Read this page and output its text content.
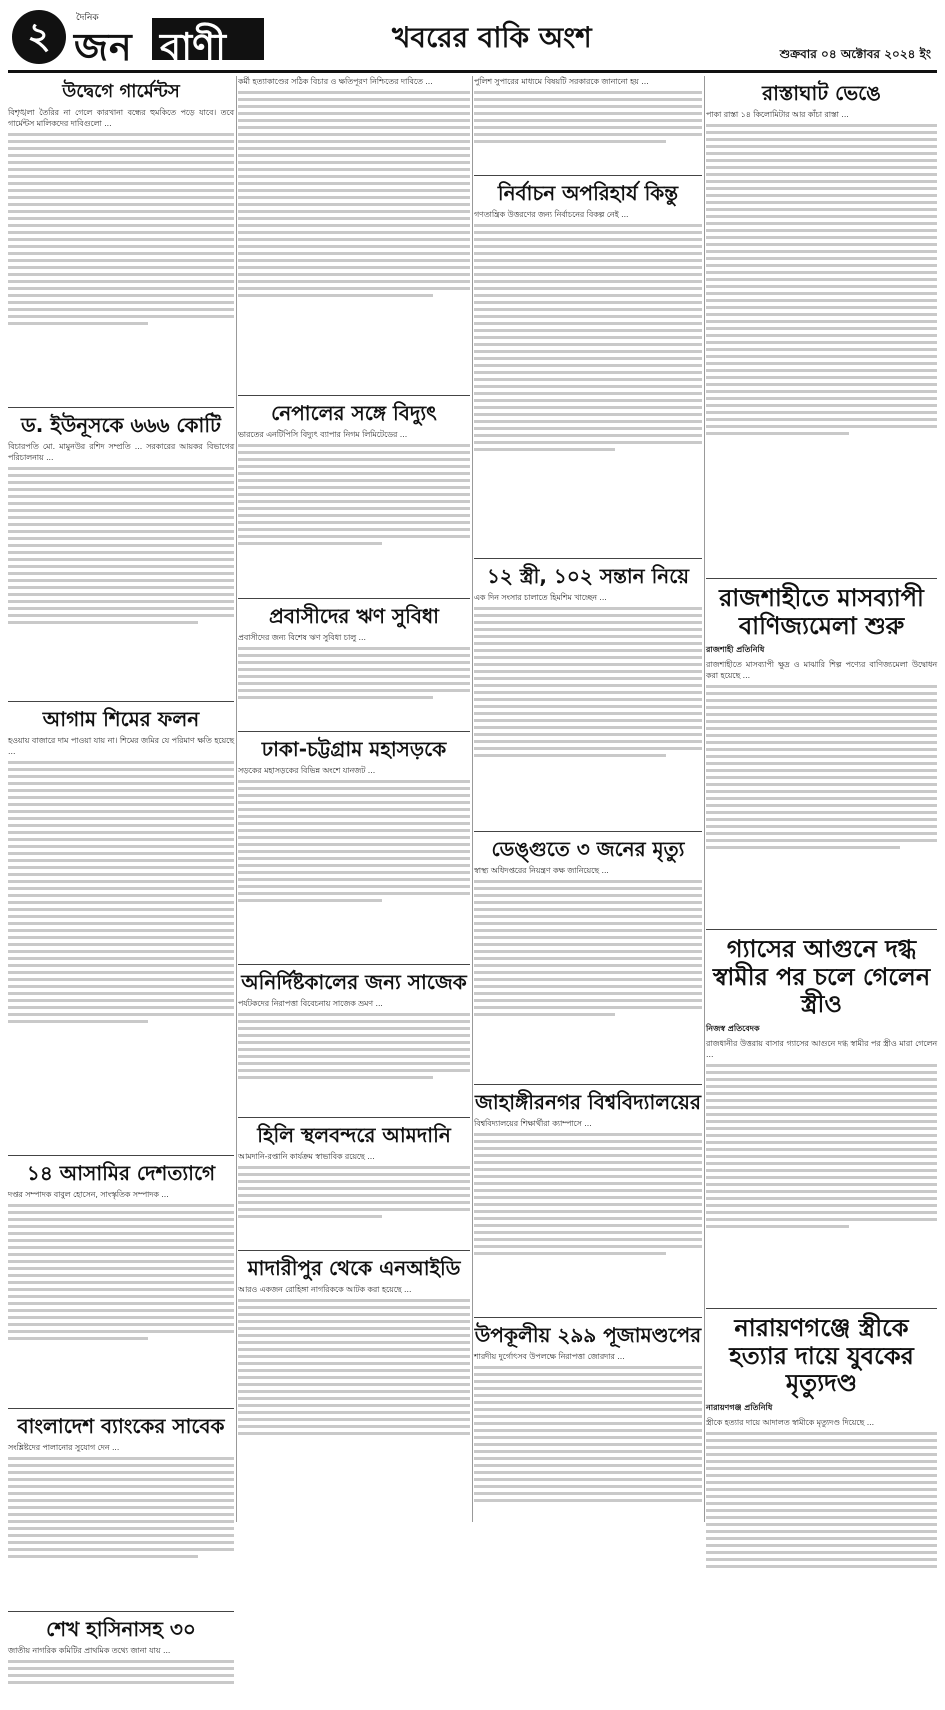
২	দৈনিক
জন বাণী	খবরের বাকি অংশ	শুক্রবার ০৪ অক্টোবর ২০২৪ ইং
উদ্বেগে গার্মেন্টস
বিশৃঙ্খলা তৈরির না গেলে কারখানা বন্ধের হুমকিতে পড়ে যাবে। তবে গার্মেন্টস মালিকদের দাবিগুলো ...
ড. ইউনূসকে ৬৬৬ কোটি
বিচারপতি মো. মামুনউর রশিদ সম্প্রতি ... সরকারের আয়কর বিভাগের পরিচালনায় ...
আগাম শিমের ফলন
হওয়ায় বাজারে দাম পাওয়া যায় না। শিমের জমির যে পরিমাণ ক্ষতি হয়েছে ...
১৪ আসামির দেশত্যাগে
দপ্তর সম্পাদক বাবুল হোসেন, সাংস্কৃতিক সম্পাদক ...
বাংলাদেশ ব্যাংকের সাবেক
সংশ্লিষ্টদের পালানোর সুযোগ দেন ...
শেখ হাসিনাসহ ৩০
জাতীয় নাগরিক কমিটির প্রাথমিক তথ্যে জানা যায় ...
কর্মী হত্যাকাণ্ডের সঠিক বিচার ও ক্ষতিপূরণ নিশ্চিতের দাবিতে ...
নেপালের সঙ্গে বিদ্যুৎ
ভারতের এনটিপিসি বিদ্যুৎ ব্যাপার নিগম লিমিটেডের ...
প্রবাসীদের ঋণ সুবিধা
প্রবাসীদের জন্য বিশেষ ঋণ সুবিধা চালু ...
ঢাকা-চট্টগ্রাম মহাসড়কে
সড়কের মহাসড়কের বিভিন্ন অংশে যানজট ...
অনির্দিষ্টকালের জন্য সাজেক
পর্যটকদের নিরাপত্তা বিবেচনায় সাজেক ভ্রমণ ...
হিলি স্থলবন্দরে আমদানি
আমদানি-রপ্তানি কার্যক্রম স্বাভাবিক রয়েছে ...
মাদারীপুর থেকে এনআইডি
আরও একজন রোহিঙ্গা নাগরিককে আটক করা হয়েছে ...
পুলিশ সুপারের মাধ্যমে বিষয়টি সরকারকে জানানো হয় ...
নির্বাচন অপরিহার্য কিন্তু
গণতান্ত্রিক উত্তরণের জন্য নির্বাচনের বিকল্প নেই ...
১২ স্ত্রী, ১০২ সন্তান নিয়ে
এক দিন সংসার চালাতে হিমশিম খাচ্ছেন ...
ডেঙ্গুতে ৩ জনের মৃত্যু
স্বাস্থ্য অধিদপ্তরের নিয়ন্ত্রণ কক্ষ জানিয়েছে ...
জাহাঙ্গীরনগর বিশ্ববিদ্যালয়ের
বিশ্ববিদ্যালয়ের শিক্ষার্থীরা ক্যাম্পাসে ...
উপকূলীয় ২৯৯ পূজামণ্ডপের
শারদীয় দুর্গোৎসব উপলক্ষে নিরাপত্তা জোরদার ...
রাস্তাঘাট ভেঙে
পাকা রাস্তা ১৪ কিলোমিটার আর কাঁচা রাস্তা ...
রাজশাহীতে মাসব্যাপী বাণিজ্যমেলা শুরু
রাজশাহী প্রতিনিধি
রাজশাহীতে মাসব্যাপী ক্ষুদ্র ও মাঝারি শিল্প পণ্যের বাণিজ্যমেলা উদ্বোধন করা হয়েছে ...
গ্যাসের আগুনে দগ্ধ স্বামীর পর চলে গেলেন স্ত্রীও
নিজস্ব প্রতিবেদক
রাজধানীর উত্তরায় বাসার গ্যাসের আগুনে দগ্ধ স্বামীর পর স্ত্রীও মারা গেলেন ...
নারায়ণগঞ্জে স্ত্রীকে হত্যার দায়ে যুবকের মৃত্যুদণ্ড
নারায়ণগঞ্জ প্রতিনিধি
স্ত্রীকে হত্যার দায়ে আদালত স্বামীকে মৃত্যুদণ্ড দিয়েছে ...
